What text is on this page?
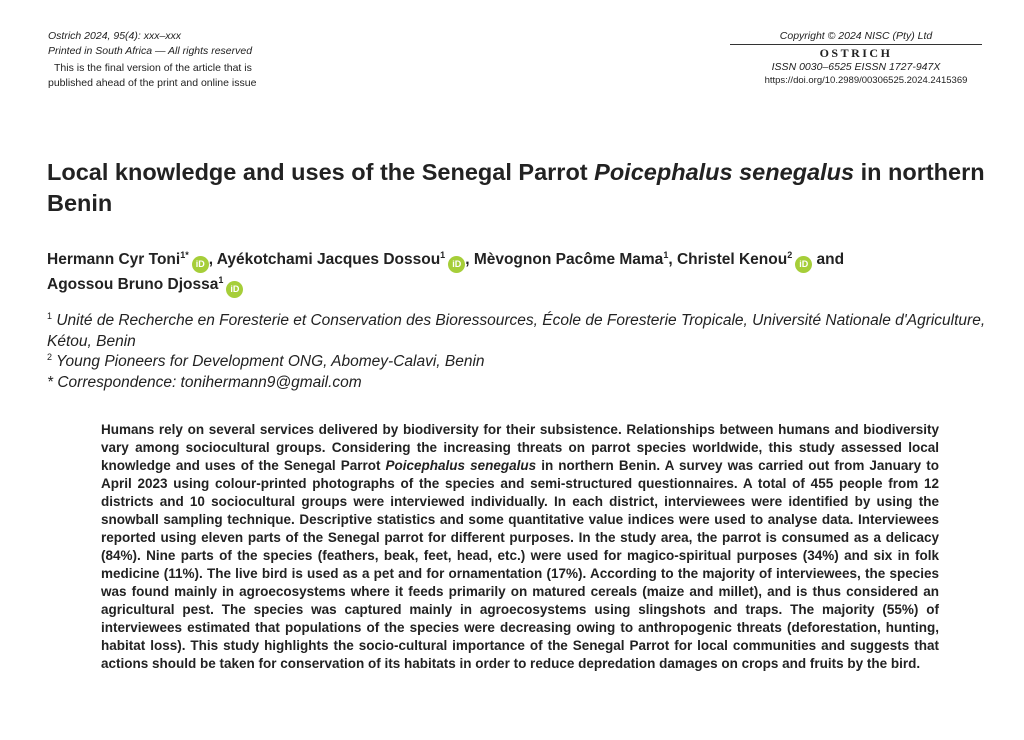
Ostrich 2024, 95(4): xxx–xxx
Printed in South Africa — All rights reserved
This is the final version of the article that is
published ahead of the print and online issue
Copyright © 2024 NISC (Pty) Ltd
OSTRICH
ISSN 0030–6525 EISSN 1727-947X
https://doi.org/10.2989/00306525.2024.2415369
Local knowledge and uses of the Senegal Parrot Poicephalus senegalus in northern Benin
Hermann Cyr Toni$^{1*}$iD , Ayékotchami Jacques Dossou$^1$iD , Mèvognon Pacôme Mama$^1$, Christel Kenou$^2$iD and
Agossou Bruno Djossa$^1$iD
$^1$ Unité de Recherche en Foresterie et Conservation des Bioressources, École de Foresterie Tropicale, Université Nationale d'Agriculture, Kétou, Benin
$^2$ Young Pioneers for Development ONG, Abomey-Calavi, Benin
* Correspondence: tonihermann9@gmail.com
Humans rely on several services delivered by biodiversity for their subsistence. Relationships between humans and biodiversity vary among sociocultural groups. Considering the increasing threats on parrot species worldwide, this study assessed local knowledge and uses of the Senegal Parrot Poicephalus senegalus in northern Benin. A survey was carried out from January to April 2023 using colour-printed photographs of the species and semi-structured questionnaires. A total of 455 people from 12 districts and 10 sociocultural groups were interviewed individually. In each district, interviewees were identified by using the snowball sampling technique. Descriptive statistics and some quantitative value indices were used to analyse data. Interviewees reported using eleven parts of the Senegal parrot for different purposes. In the study area, the parrot is consumed as a delicacy (84%). Nine parts of the species (feathers, beak, feet, head, etc.) were used for magico-spiritual purposes (34%) and six in folk medicine (11%). The live bird is used as a pet and for ornamentation (17%). According to the majority of interviewees, the species was found mainly in agroecosystems where it feeds primarily on matured cereals (maize and millet), and is thus considered an agricultural pest. The species was captured mainly in agroecosystems using slingshots and traps. The majority (55%) of interviewees estimated that populations of the species were decreasing owing to anthropogenic threats (deforestation, hunting, habitat loss). This study highlights the socio-cultural importance of the Senegal Parrot for local communities and suggests that actions should be taken for conservation of its habitats in order to reduce depredation damages on crops and fruits by the bird.
